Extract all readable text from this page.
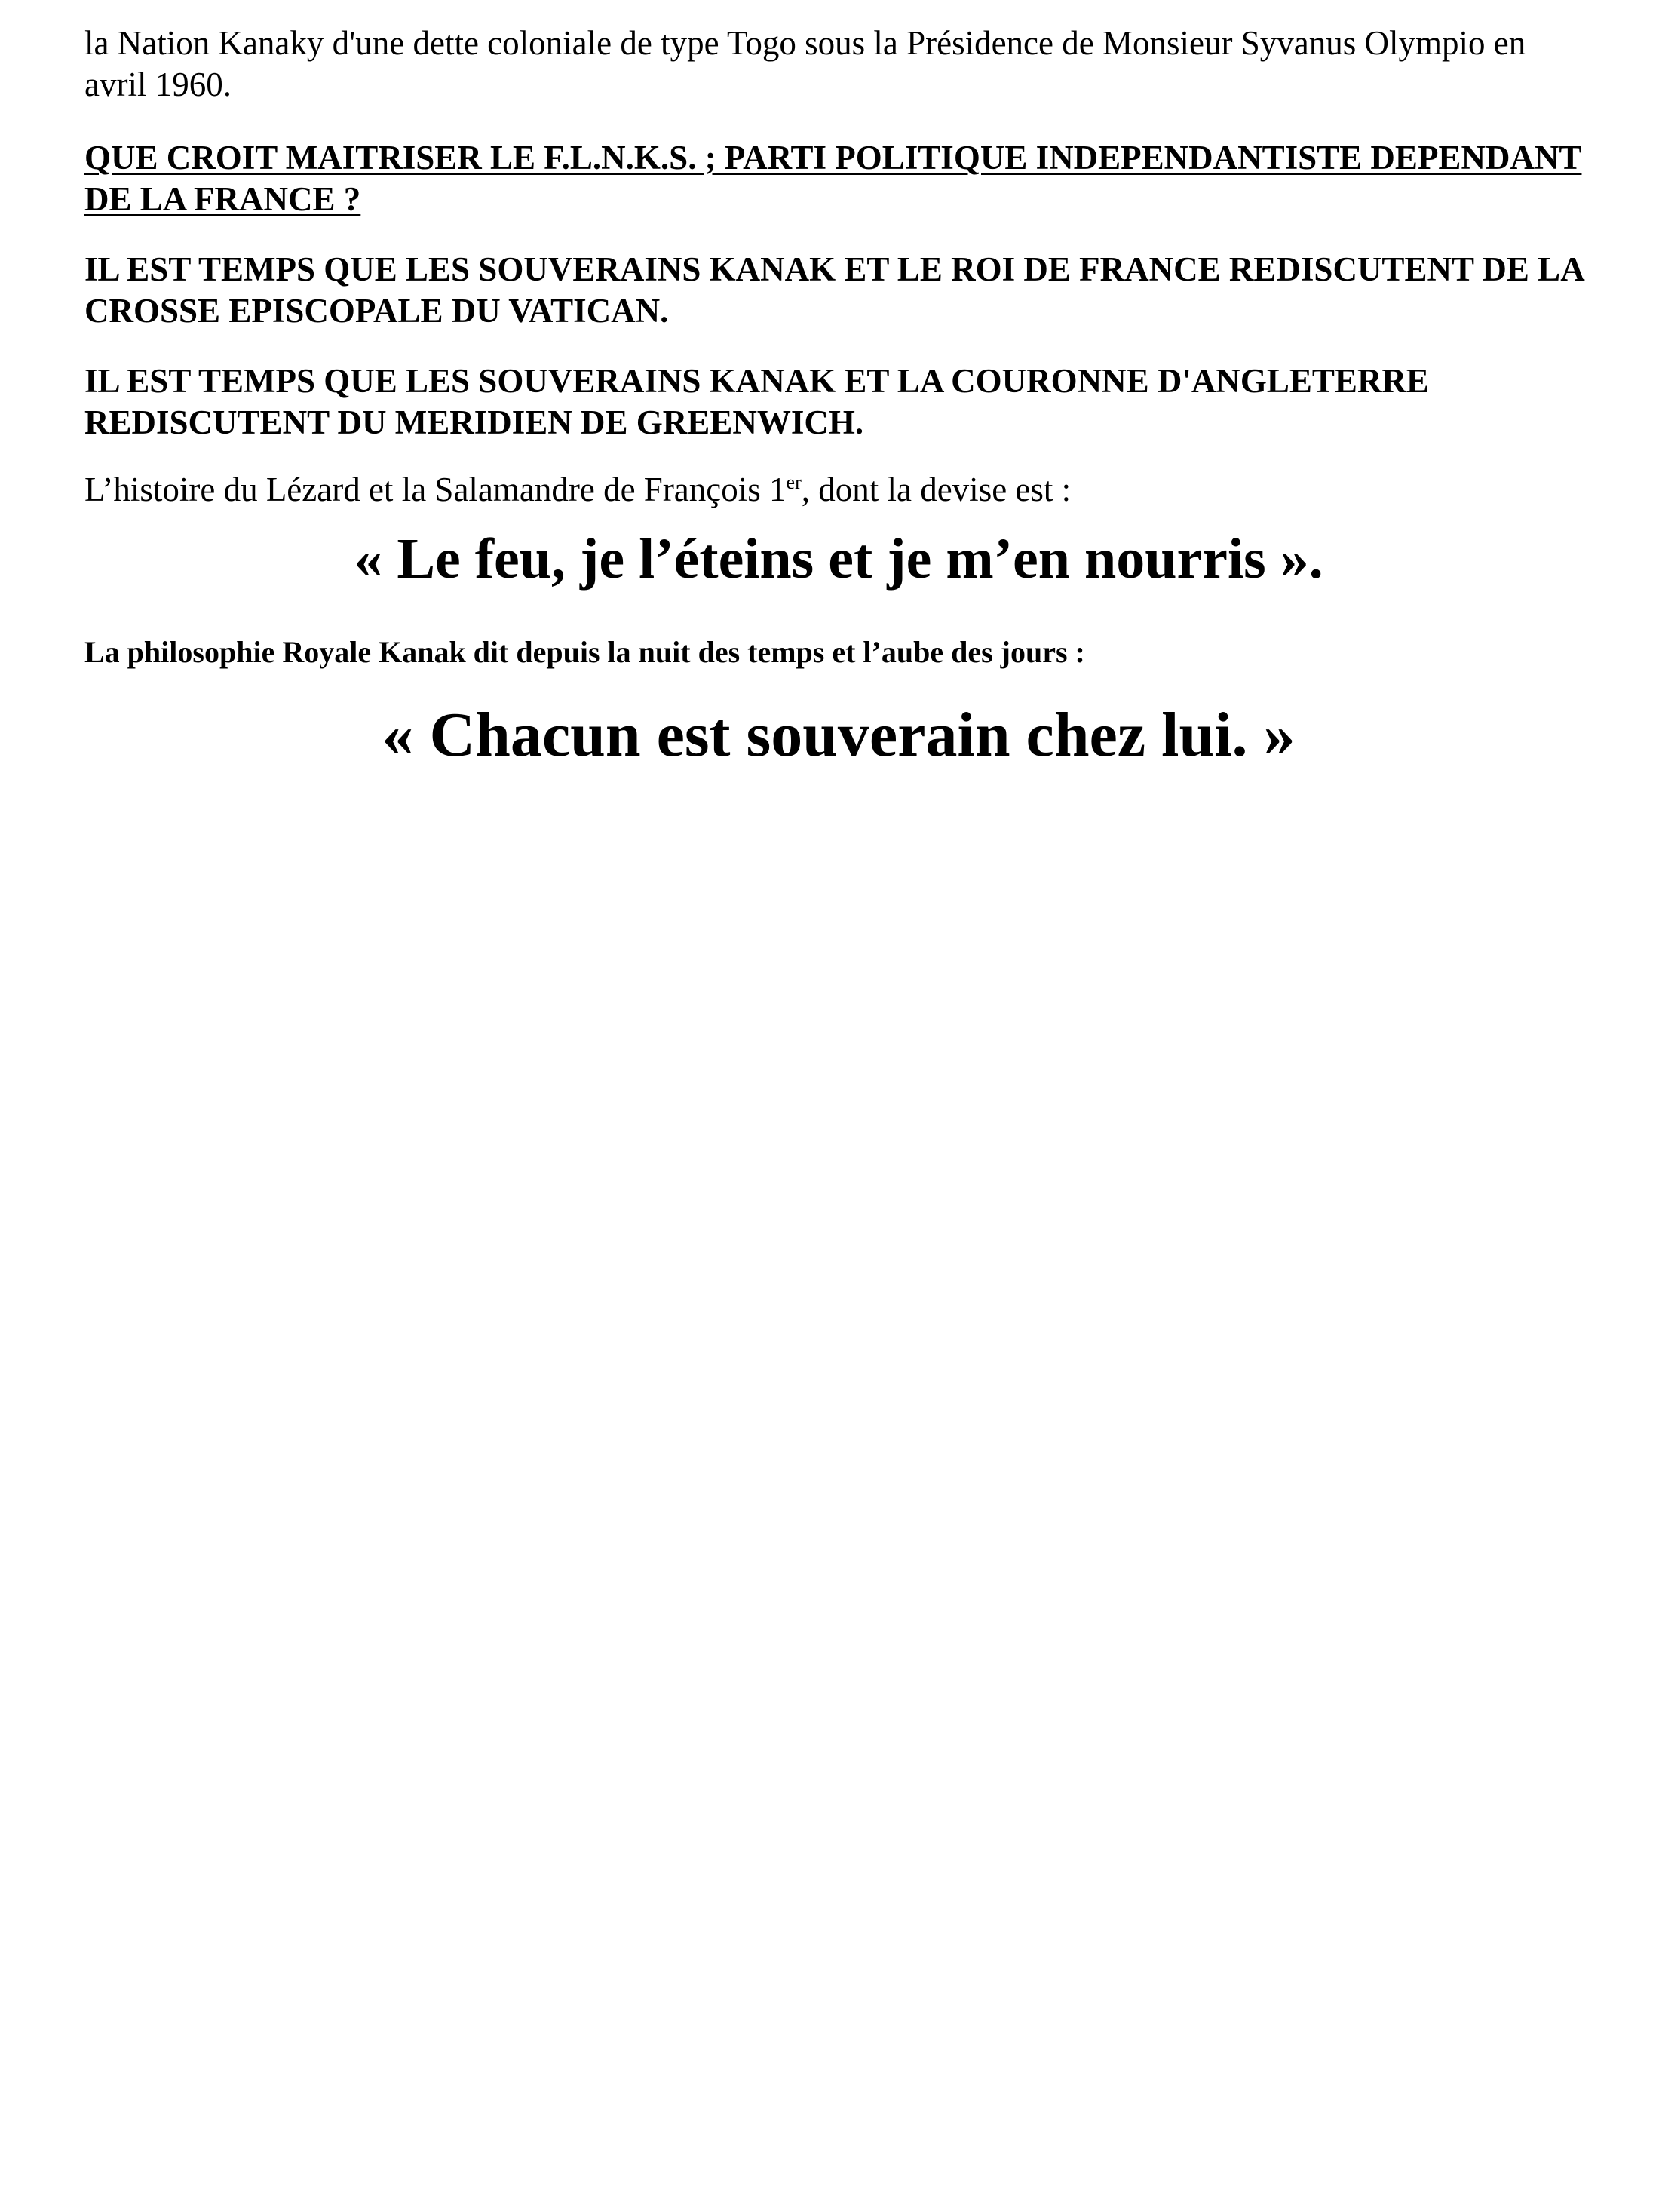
la Nation Kanaky d'une dette coloniale de type Togo sous la Présidence de Monsieur Syvanus Olympio en avril 1960.

QUE CROIT MAITRISER LE F.L.N.K.S. ; PARTI POLITIQUE INDEPENDANTISTE DEPENDANT DE LA FRANCE ?

IL EST TEMPS QUE LES SOUVERAINS KANAK ET LE ROI DE FRANCE REDISCUTENT DE LA CROSSE EPISCOPALE DU VATICAN.

IL EST TEMPS QUE LES SOUVERAINS KANAK ET LA COURONNE D'ANGLETERRE REDISCUTENT DU MERIDIEN DE GREENWICH.

L’histoire du Lézard et la Salamandre de François 1er, dont la devise est :

« Le feu, je l’éteins et je m’en nourris ».

La philosophie Royale Kanak dit depuis la nuit des temps et l’aube des jours :

« Chacun est souverain chez lui. »
